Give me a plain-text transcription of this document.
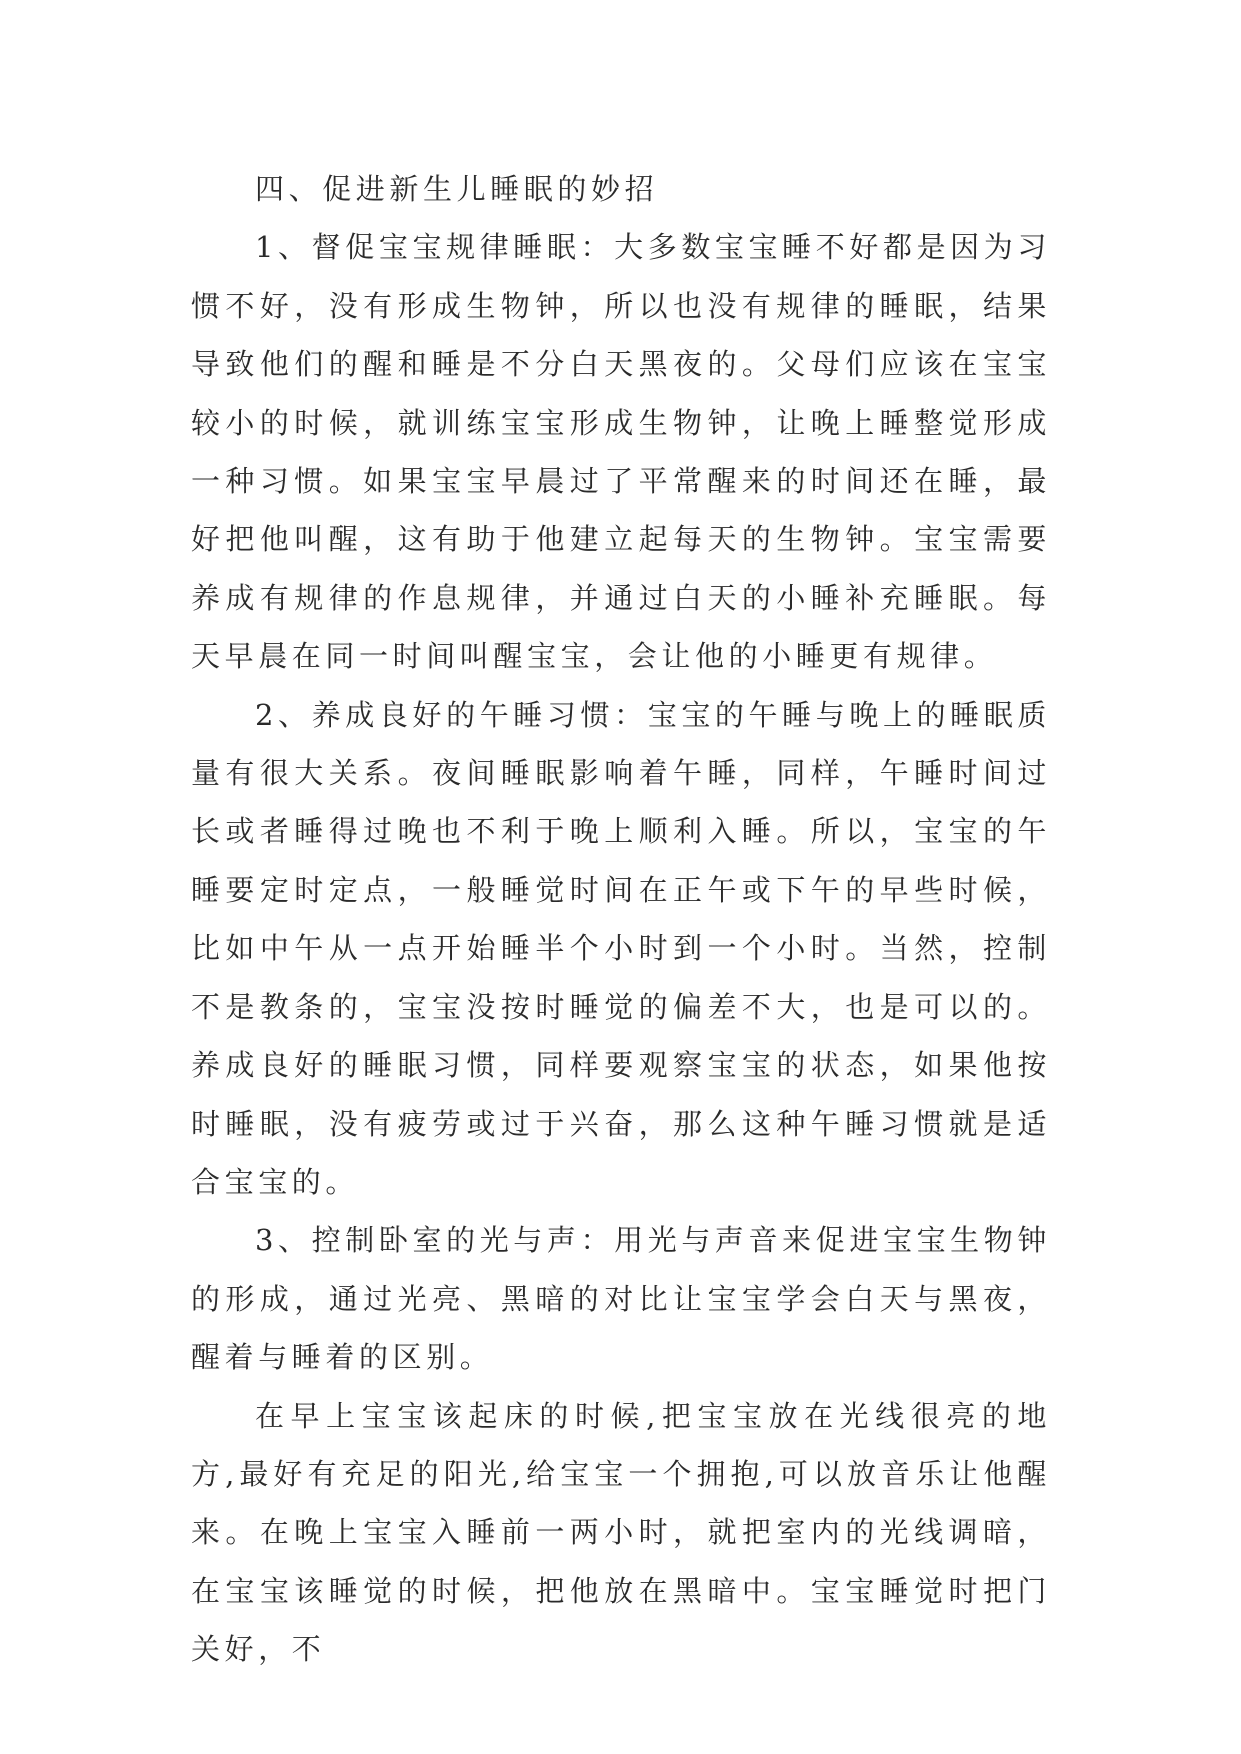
四、促进新生儿睡眠的妙招

1、督促宝宝规律睡眠：大多数宝宝睡不好都是因为习惯不好，没有形成生物钟，所以也没有规律的睡眠，结果导致他们的醒和睡是不分白天黑夜的。父母们应该在宝宝较小的时候，就训练宝宝形成生物钟，让晚上睡整觉形成一种习惯。如果宝宝早晨过了平常醒来的时间还在睡，最好把他叫醒，这有助于他建立起每天的生物钟。宝宝需要养成有规律的作息规律，并通过白天的小睡补充睡眠。每天早晨在同一时间叫醒宝宝，会让他的小睡更有规律。

2、养成良好的午睡习惯：宝宝的午睡与晚上的睡眠质量有很大关系。夜间睡眠影响着午睡，同样，午睡时间过长或者睡得过晚也不利于晚上顺利入睡。所以，宝宝的午睡要定时定点，一般睡觉时间在正午或下午的早些时候，比如中午从一点开始睡半个小时到一个小时。当然，控制不是教条的，宝宝没按时睡觉的偏差不大，也是可以的。养成良好的睡眠习惯，同样要观察宝宝的状态，如果他按时睡眠，没有疲劳或过于兴奋，那么这种午睡习惯就是适合宝宝的。

3、控制卧室的光与声：用光与声音来促进宝宝生物钟的形成，通过光亮、黑暗的对比让宝宝学会白天与黑夜，醒着与睡着的区别。

在早上宝宝该起床的时候,把宝宝放在光线很亮的地方,最好有充足的阳光,给宝宝一个拥抱,可以放音乐让他醒来。在晚上宝宝入睡前一两小时，就把室内的光线调暗，在宝宝该睡觉的时候，把他放在黑暗中。宝宝睡觉时把门关好，不
